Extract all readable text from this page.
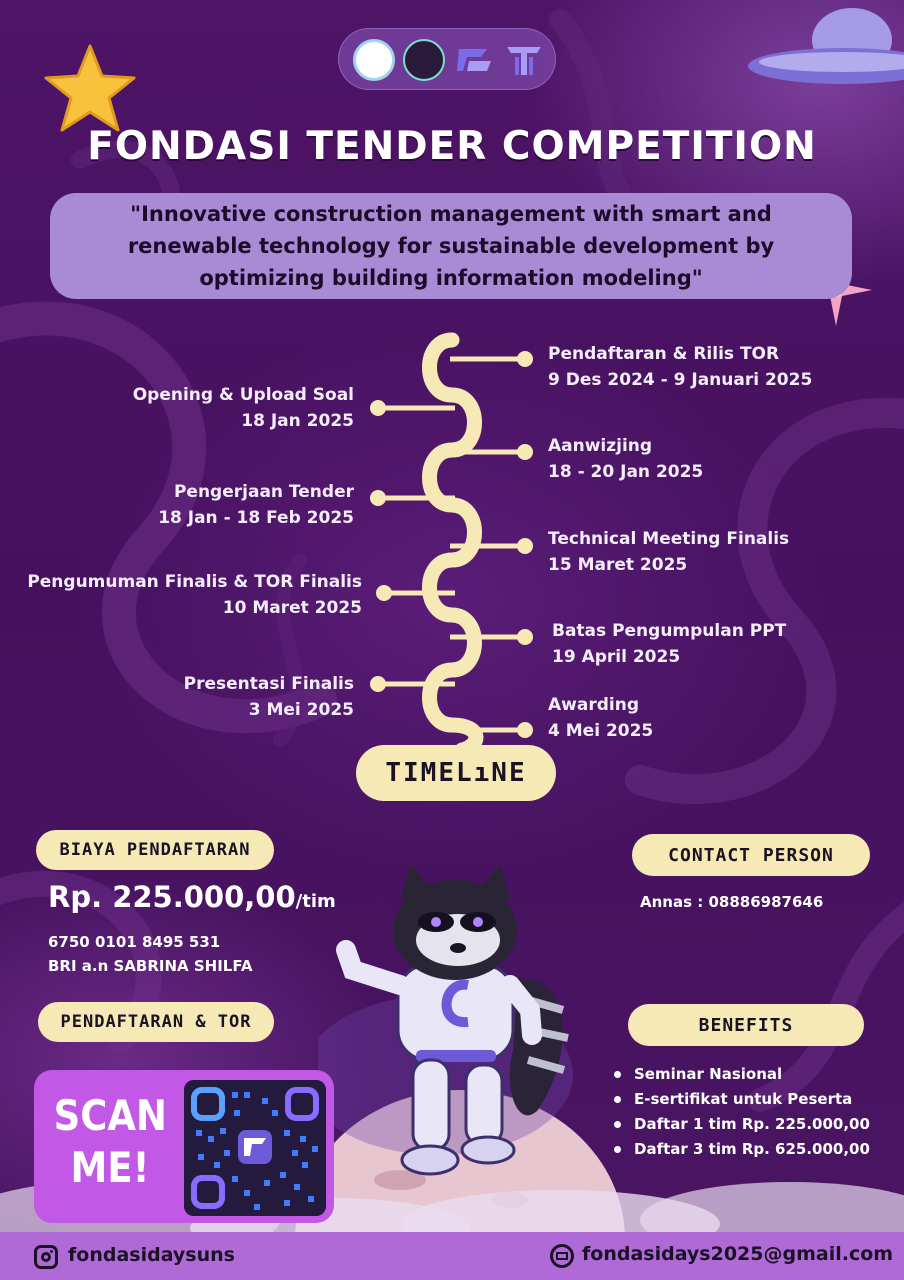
FONDASI TENDER COMPETITION
"Innovative construction management with smart and renewable technology for sustainable development by optimizing building information modeling"
Pendaftaran & Rilis TOR
9 Des 2024 - 9 Januari 2025
Aanwizjing
18 - 20 Jan 2025
Technical Meeting Finalis
15 Maret 2025
Batas Pengumpulan PPT
19 April 2025
Awarding
4 Mei 2025
Opening & Upload Soal
18 Jan 2025
Pengerjaan Tender
18 Jan - 18 Feb 2025
Pengumuman Finalis & TOR Finalis
10 Maret 2025
Presentasi Finalis
3 Mei 2025
TIMELıNE
BIAYA PENDAFTARAN
Rp. 225.000,00/tim
6750 0101 8495 531
BRI a.n SABRINA SHILFA
PENDAFTARAN & TOR
SCAN ME!
CONTACT PERSON
Annas : 08886987646
BENEFITS
Seminar Nasional
E-sertifikat untuk Peserta
Daftar 1 tim Rp. 225.000,00
Daftar 3 tim Rp. 625.000,00
fondasidaysuns	fondasidays2025@gmail.com
